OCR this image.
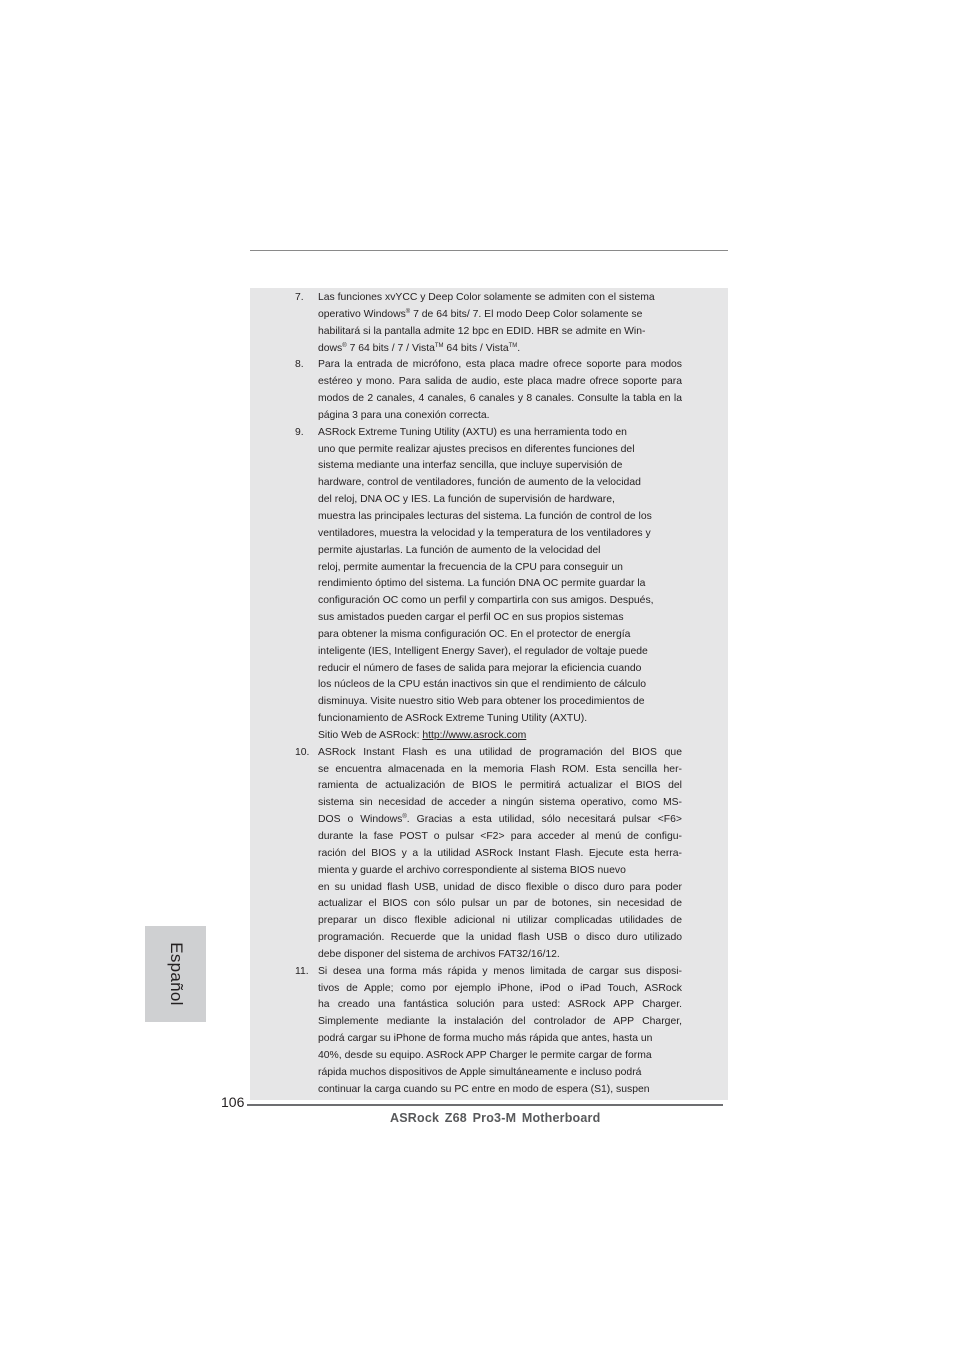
7. Las funciones xvYCC y Deep Color solamente se admiten con el sistema

operativo Windows® 7 de 64 bits/ 7. El modo Deep Color solamente se

habilitará si la pantalla admite 12 bpc en EDID. HBR se admite en Win-

dows® 7 64 bits / 7 / Vista™ 64 bits / Vista™.

8. Para la entrada de micrófono, esta placa madre ofrece soporte para modos estéreo y mono. Para salida de audio, este placa madre ofrece soporte para modos de 2 canales, 4 canales, 6 canales y 8 canales. Consulte la tabla en la página 3 para una conexión correcta.

9. ASRock Extreme Tuning Utility (AXTU) es una herramienta todo en

uno que permite realizar ajustes precisos en diferentes funciones del

sistema mediante una interfaz sencilla, que incluye supervisión de

hardware, control de ventiladores, función de aumento de la velocidad

del reloj, DNA OC y IES. La función de supervisión de hardware,

muestra las principales lecturas del sistema. La función de control de los

ventiladores, muestra la velocidad y la temperatura de los ventiladores y

permite ajustarlas. La función de aumento de la velocidad del

reloj, permite aumentar la frecuencia de la CPU para conseguir un

rendimiento óptimo del sistema. La función DNA OC permite guardar la

configuración OC como un perfil y compartirla con sus amigos. Después,

sus amistados pueden cargar el perfil OC en sus propios sistemas

para obtener la misma configuración OC. En el protector de energía

inteligente (IES, Intelligent Energy Saver), el regulador de voltaje puede

reducir el número de fases de salida para mejorar la eficiencia cuando

los núcleos de la CPU están inactivos sin que el rendimiento de cálculo

disminuya. Visite nuestro sitio Web para obtener los procedimientos de

funcionamiento de ASRock Extreme Tuning Utility (AXTU).

Sitio Web de ASRock: http://www.asrock.com

10. ASRock Instant Flash es una utilidad de programación del BIOS que

se encuentra almacenada en la memoria Flash ROM. Esta sencilla her-

ramienta de actualización de BIOS le permitirá actualizar el BIOS del

sistema sin necesidad de acceder a ningún sistema operativo, como MS-

DOS o Windows®. Gracias a esta utilidad, sólo necesitará pulsar <F6>

durante la fase POST o pulsar <F2> para acceder al menú de configu-

ración del BIOS y a la utilidad ASRock Instant Flash. Ejecute esta herra-

mienta y guarde el archivo correspondiente al sistema BIOS nuevo

en su unidad flash USB, unidad de disco flexible o disco duro para poder

actualizar el BIOS con sólo pulsar un par de botones, sin necesidad de

preparar un disco flexible adicional ni utilizar complicadas utilidades de

programación. Recuerde que la unidad flash USB o disco duro utilizado

debe disponer del sistema de archivos FAT32/16/12.

11. Si desea una forma más rápida y menos limitada de cargar sus disposi-

tivos de Apple; como por ejemplo iPhone, iPod o iPad Touch, ASRock

ha creado una fantástica solución para usted: ASRock APP Charger.

Simplemente mediante la instalación del controlador de APP Charger,

podrá cargar su iPhone de forma mucho más rápida que antes, hasta un

40%, desde su equipo. ASRock APP Charger le permite cargar de forma

rápida muchos dispositivos de Apple simultáneamente e incluso podrá

continuar la carga cuando su PC entre en modo de espera (S1), suspen

Español
106
ASRock Z68 Pro3-M Motherboard
